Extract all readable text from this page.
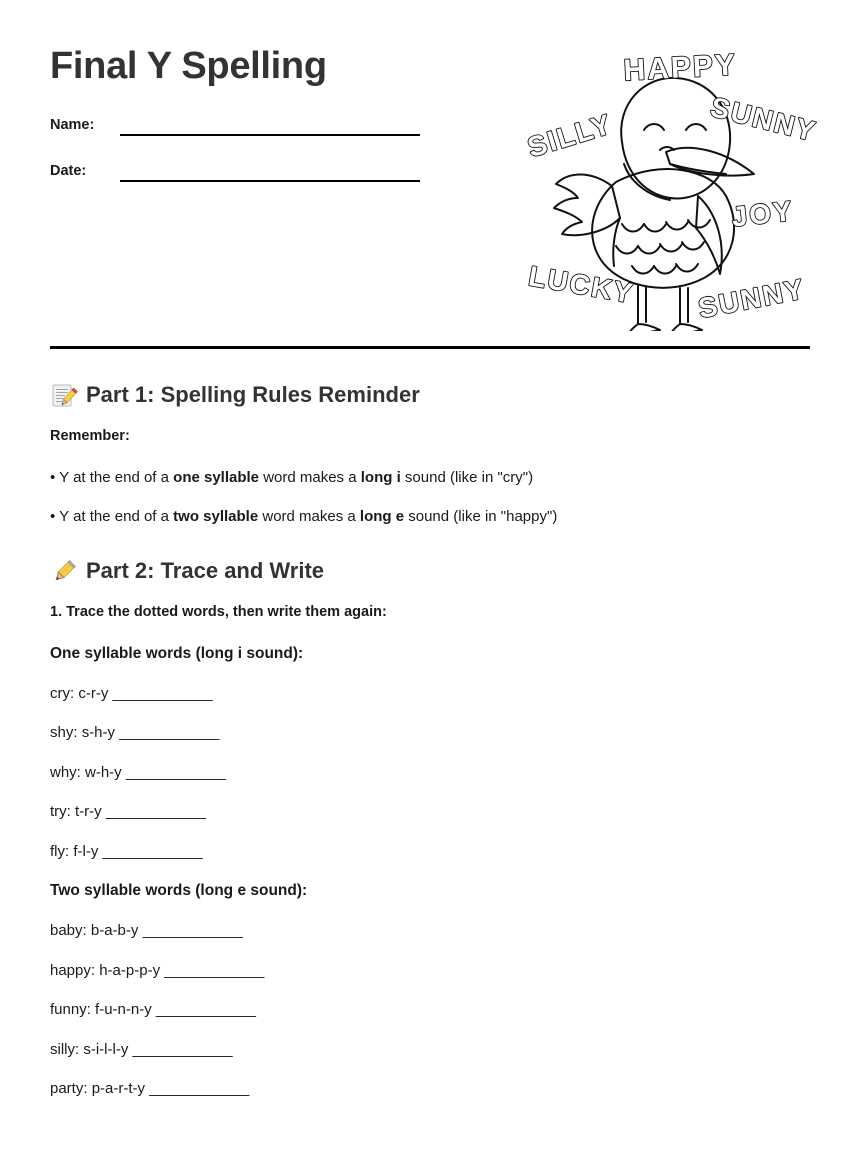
Final Y Spelling
Name:
Date:
HAPPY
SILLY	SUNNY
JOY
LUCKY SUNNY
Part 1: Spelling Rules Reminder

Remember:

• Y at the end of a one syllable word makes a long i sound (like in "cry")

• Y at the end of a two syllable word makes a long e sound (like in "happy")

Part 2: Trace and Write

1. Trace the dotted words, then write them again:

One syllable words (long i sound):

cry: c-r-y ____________

shy: s-h-y ____________

why: w-h-y ____________

try: t-r-y ____________

fly: f-l-y ____________

Two syllable words (long e sound):

baby: b-a-b-y ____________

happy: h-a-p-p-y ____________

funny: f-u-n-n-y ____________

silly: s-i-l-l-y ____________

party: p-a-r-t-y ____________
